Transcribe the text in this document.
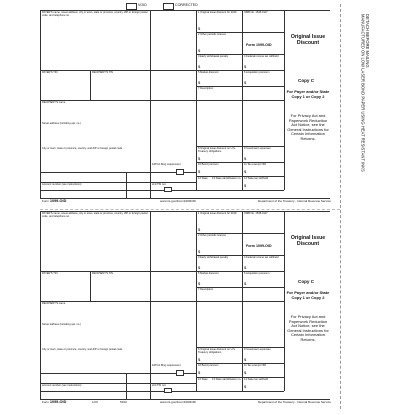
VOID	CORRECTED
PAYER'S name, street address, city or town, state or province, country, ZIP or foreign postal code, and telephone no.
1 Original issue discount for 2019
$
OMB No. 1545-0117
Original Issue Discount
2 Other periodic interest
$
Form 1099-OID
PAYER'S TIN	RECIPIENT'S TIN
3 Early withdrawal penalty
$
4 Federal income tax withheld
$
Copy C
For Payer and/or State Copy 1 or Copy 2
RECIPIENT'S name
5 Market discount
$
6 Acquisition premium
$
Street address (including apt. no.)
7 Description
For Privacy Act and Paperwork Reduction Act Notice, see the General Instructions for Certain Information Returns.
City or town, state or province, country, and ZIP or foreign postal code	8 Original issue discount on U.S. Treasury obligations
$
9 Investment expenses
$
FATCA filing requirement	10 Bond premium
$
11 Tax-exempt OID
$
Account number (see instructions)	2nd TIN not.
12 State 13 State identification no. 14 State tax withheld
$
Form 1099-OID	www.irs.gov/Form1099OID	Department of the Treasury - Internal Revenue Service
PAYER'S name, street address, city or town, state or province, country, ZIP or foreign postal code, and telephone no.
1 Original issue discount for 2019
$
OMB No. 1545-0117
Original Issue Discount
2 Other periodic interest
$
Form 1099-OID
PAYER'S TIN	RECIPIENT'S TIN
3 Early withdrawal penalty
$
4 Federal income tax withheld
$
Copy C
For Payer and/or State Copy 1 or Copy 2
RECIPIENT'S name
5 Market discount
$
6 Acquisition premium
$
Street address (including apt. no.)
7 Description
For Privacy Act and Paperwork Reduction Act Notice, see the General Instructions for Certain Information Returns.
City or town, state or province, country, and ZIP or foreign postal code	8 Original issue discount on U.S. Treasury obligations
$
9 Investment expenses
$
FATCA filing requirement	10 Bond premium
$
11 Tax-exempt OID
$
Account number (see instructions)	2nd TIN not.
12 State 13 State identification no. 14 State tax withheld
$
Form 1099-OID	LOC	5160	www.irs.gov/Form1099OID	Department of the Treasury - Internal Revenue Service
DETACH BEFORE MAILING
MANUFACTURED ON LOW LASER BOND PAPER USING HEAT RESISTANT INKS
